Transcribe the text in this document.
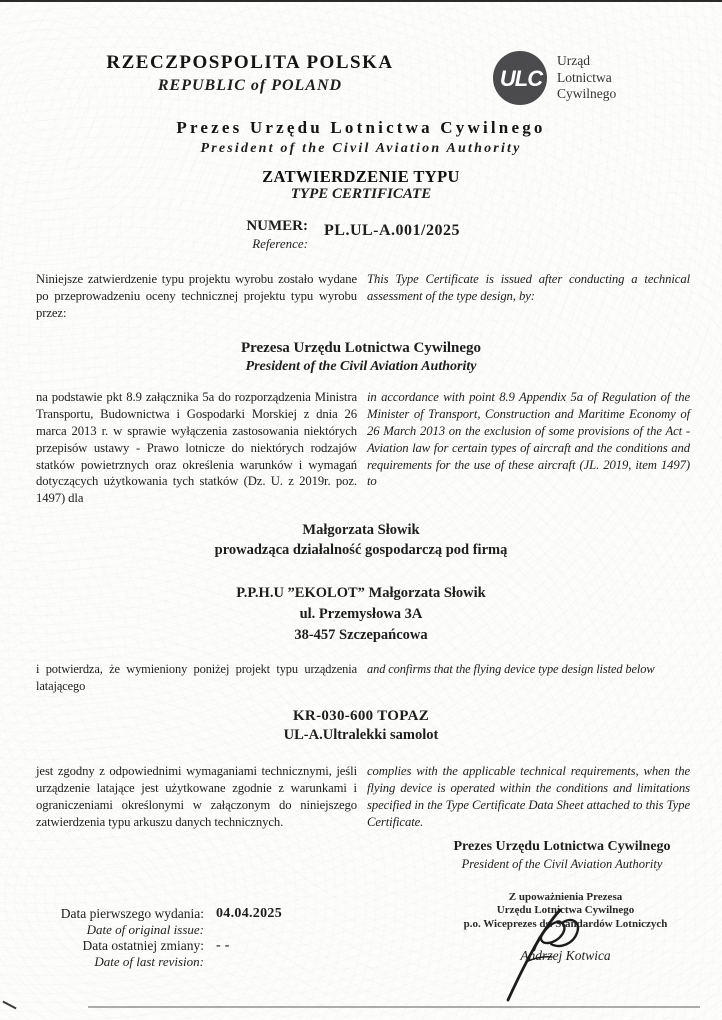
RZECZPOSPOLITA POLSKA
REPUBLIC of POLAND	ULC
Urząd
Lotnictwa
Cywilnego
Prezes Urzędu Lotnictwa Cywilnego
President of the Civil Aviation Authority
ZATWIERDZENIE TYPU
TYPE CERTIFICATE
NUMER:
Reference:
PL.UL-A.001/2025
Niniejsze zatwierdzenie typu projektu wyrobu zostało wydane po przeprowadzeniu oceny technicznej projektu typu wyrobu przez:
This Type Certificate is issued after conducting a technical assessment of the type design, by:
Prezesa Urzędu Lotnictwa Cywilnego
President of the Civil Aviation Authority
na podstawie pkt 8.9 załącznika 5a do rozporządzenia Ministra Transportu, Budownictwa i Gospodarki Morskiej z dnia 26 marca 2013 r. w sprawie wyłączenia zastosowania niektórych przepisów ustawy - Prawo lotnicze do niektórych rodzajów statków powietrznych oraz określenia warunków i wymagań dotyczących użytkowania tych statków (Dz. U. z 2019r. poz. 1497) dla
in accordance with point 8.9 Appendix 5a of Regulation of the Minister of Transport, Construction and Maritime Economy of 26 March 2013 on the exclusion of some provisions of the Act - Aviation law for certain types of aircraft and the conditions and requirements for the use of these aircraft (JL. 2019, item 1497) to
Małgorzata Słowik
prowadząca działalność gospodarczą pod firmą
P.P.H.U ”EKOLOT” Małgorzata Słowik
ul. Przemysłowa 3A
38-457 Szczepańcowa
i potwierdza, że wymieniony poniżej projekt typu urządzenia latającego
and confirms that the flying device type design listed below
KR-030-600 TOPAZ
UL-A.Ultralekki samolot
jest zgodny z odpowiednimi wymaganiami technicznymi, jeśli urządzenie latające jest użytkowane zgodnie z warunkami i ograniczeniami określonymi w załączonym do niniejszego zatwierdzenia typu arkuszu danych technicznych.
complies with the applicable technical requirements, when the flying device is operated within the conditions and limitations specified in the Type Certificate Data Sheet attached to this Type Certificate.
Prezes Urzędu Lotnictwa Cywilnego
President of the Civil Aviation Authority
Data pierwszego wydania:
Date of original issue:
04.04.2025
Data ostatniej zmiany:
Date of last revision:
- -
Z upoważnienia Prezesa
Urzędu Lotnictwa Cywilnego
p.o. Wiceprezes ds. Standardów Lotniczych
Andrzej Kotwica
